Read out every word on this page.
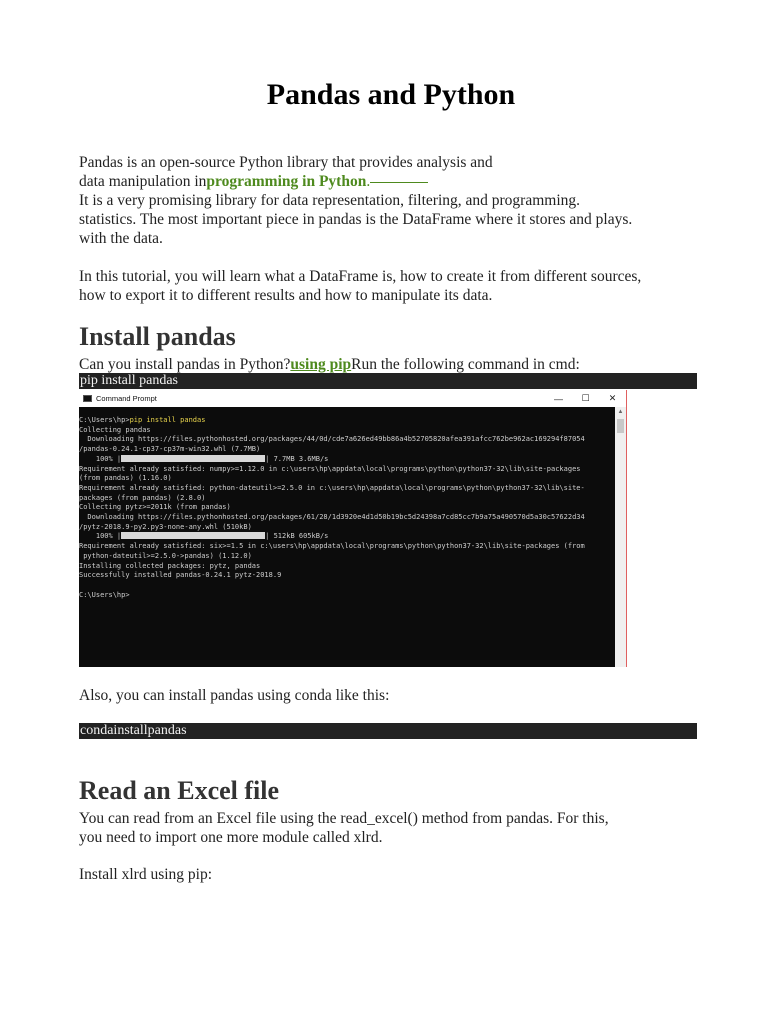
Pandas and Python

Pandas is an open-source Python library that provides analysis and

data manipulation inprogramming in Python.

It is a very promising library for data representation, filtering, and programming.

statistics. The most important piece in pandas is the DataFrame where it stores and plays.

with the data.

In this tutorial, you will learn what a DataFrame is, how to create it from different sources,

how to export it to different results and how to manipulate its data.

Install pandas

Can you install pandas in Python?using pipRun the following command in cmd:

pip install pandas
Command Prompt	—	☐	✕
C:\Users\hp>pip install pandas
Collecting pandas
Downloading https://files.pythonhosted.org/packages/44/0d/cde7a626ed49bb86a4b52705820afea391afcc762be962ac169294f87054
/pandas-0.24.1-cp37-cp37m-win32.whl (7.7MB)
100% |	| 7.7MB 3.6MB/s
Requirement already satisfied: numpy>=1.12.0 in c:\users\hp\appdata\local\programs\python\python37-32\lib\site-packages
(from pandas) (1.16.0)
Requirement already satisfied: python-dateutil>=2.5.0 in c:\users\hp\appdata\local\programs\python\python37-32\lib\site-
packages (from pandas) (2.8.0)
Collecting pytz>=2011k (from pandas)
Downloading https://files.pythonhosted.org/packages/61/28/1d3920e4d1d50b19bc5d24398a7cd85cc7b9a75a490570d5a30c57622d34
/pytz-2018.9-py2.py3-none-any.whl (510kB)
100% |	| 512kB 605kB/s
Requirement already satisfied: six>=1.5 in c:\users\hp\appdata\local\programs\python\python37-32\lib\site-packages (from
python-dateutil>=2.5.0->pandas) (1.12.0)
Installing collected packages: pytz, pandas
Successfully installed pandas-0.24.1 pytz-2018.9

C:\Users\hp>
▲

Also, you can install pandas using conda like this:

condainstallpandas
Read an Excel file

You can read from an Excel file using the read_excel() method from pandas. For this,

you need to import one more module called xlrd.

Install xlrd using pip:
